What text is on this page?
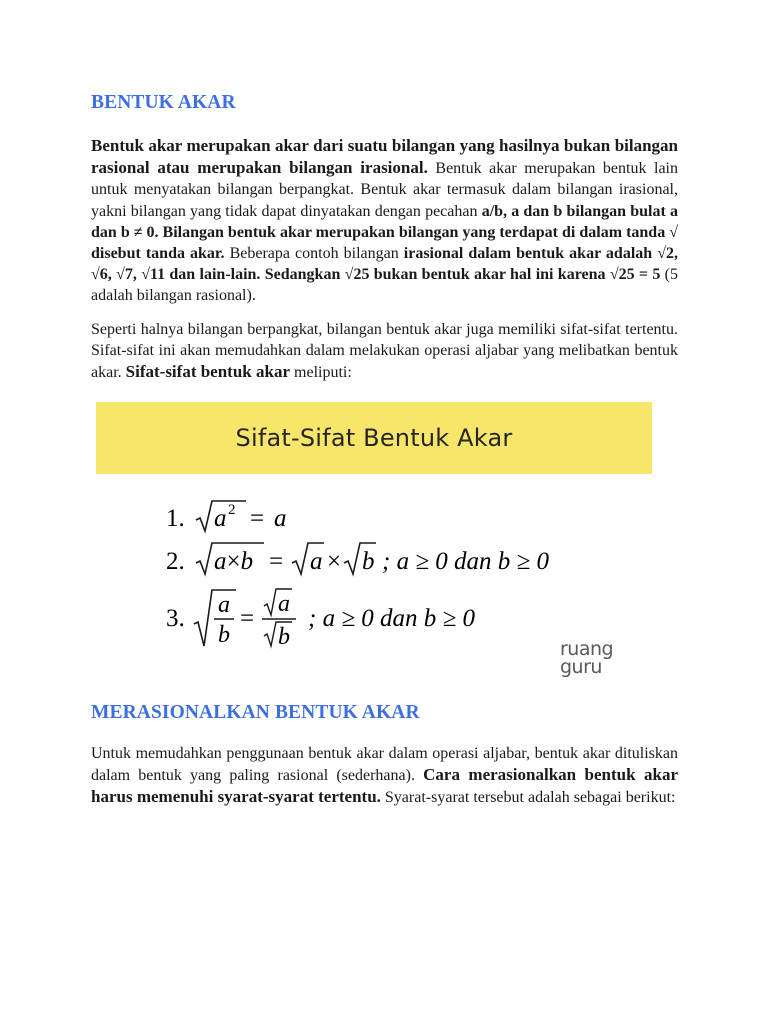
BENTUK AKAR
Bentuk akar merupakan akar dari suatu bilangan yang hasilnya bukan bilangan rasional atau merupakan bilangan irasional. Bentuk akar merupakan bentuk lain untuk menyatakan bilangan berpangkat. Bentuk akar termasuk dalam bilangan irasional, yakni bilangan yang tidak dapat dinyatakan dengan pecahan a/b, a dan b bilangan bulat a dan b ≠ 0. Bilangan bentuk akar merupakan bilangan yang terdapat di dalam tanda √ disebut tanda akar. Beberapa contoh bilangan irasional dalam bentuk akar adalah √2, √6, √7, √11 dan lain-lain. Sedangkan √25 bukan bentuk akar hal ini karena √25 = 5 (5 adalah bilangan rasional).
Seperti halnya bilangan berpangkat, bilangan bentuk akar juga memiliki sifat-sifat tertentu. Sifat-sifat ini akan memudahkan dalam melakukan operasi aljabar yang melibatkan bentuk akar. Sifat-sifat bentuk akar meliputi:
Sifat-Sifat Bentuk Akar
1. a 2 = a
2. a×b = a × b ; a ≥ 0 dan b ≥ 0
3. a
b
=
a
b
; a ≥ 0 dan b ≥ 0
ruang
guru
MERASIONALKAN BENTUK AKAR
Untuk memudahkan penggunaan bentuk akar dalam operasi aljabar, bentuk akar dituliskan dalam bentuk yang paling rasional (sederhana). Cara merasionalkan bentuk akar harus memenuhi syarat-syarat tertentu. Syarat-syarat tersebut adalah sebagai berikut:
